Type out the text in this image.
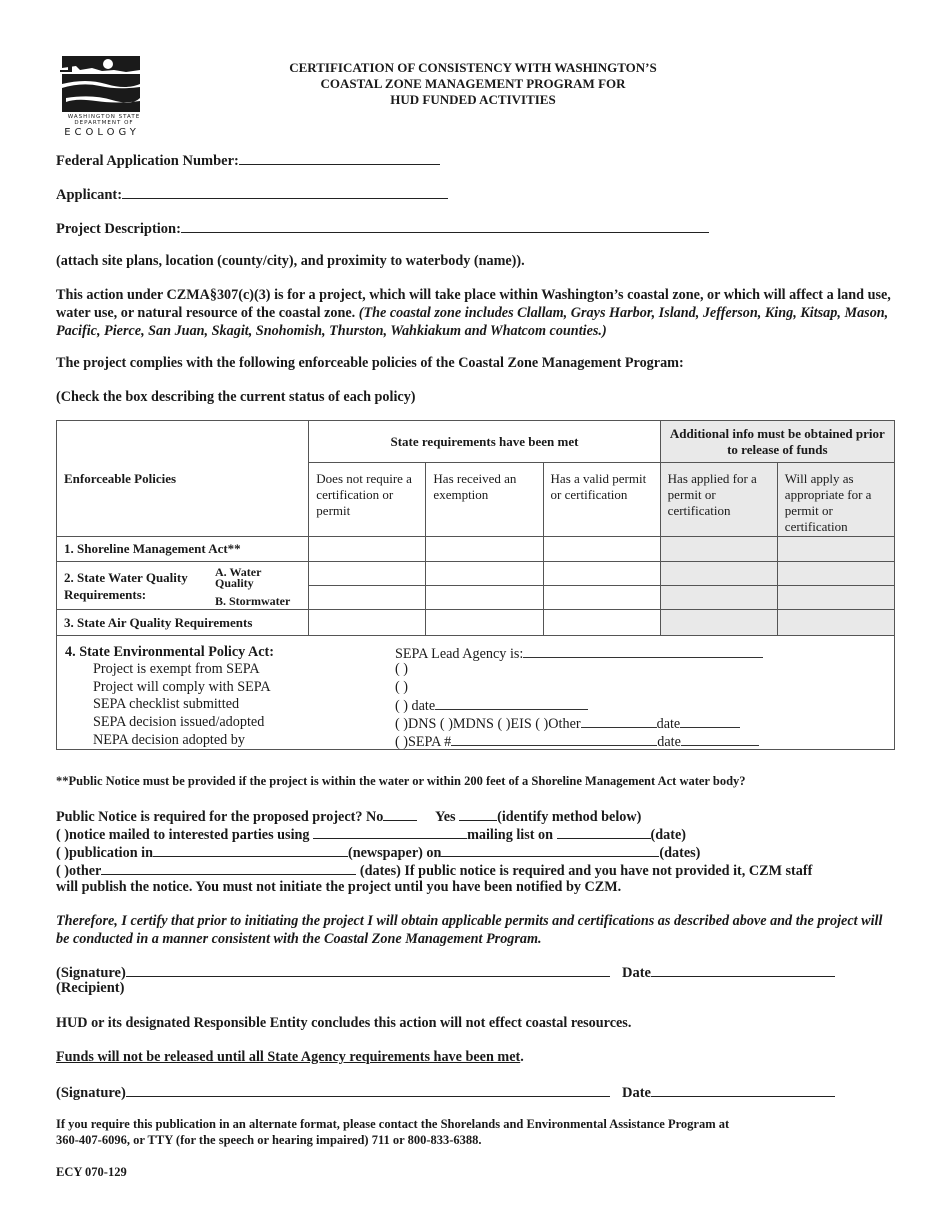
WASHINGTON STATE
DEPARTMENT OF
ECOLOGY
CERTIFICATION OF CONSISTENCY WITH WASHINGTON’S
COASTAL ZONE MANAGEMENT PROGRAM FOR
HUD FUNDED ACTIVITIES
Federal Application Number:
Applicant:
Project Description:
(attach site plans, location (county/city), and proximity to waterbody (name)).
This action under CZMA§307(c)(3) is for a project, which will take place within Washington’s coastal zone, or which will affect a land use, water use, or natural resource of the coastal zone. (The coastal zone includes Clallam, Grays Harbor, Island, Jefferson, King, Kitsap, Mason, Pacific, Pierce, San Juan, Skagit, Snohomish, Thurston, Wahkiakum and Whatcom counties.)
The project complies with the following enforceable policies of the Coastal Zone Management Program:
(Check the box describing the current status of each policy)
Enforceable Policies	State requirements have been met			Additional info must be obtained prior to release of funds	
	Does not require a certification or permit	Has received an exemption	Has a valid permit or certification	Has applied for a permit or certification	Will apply as appropriate for a permit or certification
1. Shoreline Management Act**					

2. State Water Quality Requirements:
A. Water Quality
B. Stormwater					

3. State Air Quality Requirements					
4. State Environmental Policy Act:	SEPA Lead Agency is:
Project is exempt from SEPA	( )
Project will comply with SEPA	( )
SEPA checklist submitted	( ) date
SEPA decision issued/adopted	( )DNS ( )MDNS ( )EIS ( )Other	date
NEPA decision adopted by	( )SEPA #	date
**Public Notice must be provided if the project is within the water or within 200 feet of a Shoreline Management Act water body?
Public Notice is required for the proposed project? No	Yes	(identify method below)
( )notice mailed to interested parties using	mailing list on	(date)
( )publication in	(newspaper) on	(dates)
( )other	(dates) If public notice is required and you have not provided it, CZM staff
will publish the notice. You must not initiate the project until you have been notified by CZM.
Therefore, I certify that prior to initiating the project I will obtain applicable permits and certifications as described above and the project will be conducted in a manner consistent with the Coastal Zone Management Program.
(Signature)	Date
(Recipient)
HUD or its designated Responsible Entity concludes this action will not effect coastal resources.
Funds will not be released until all State Agency requirements have been met.
(Signature)	Date
If you require this publication in an alternate format, please contact the Shorelands and Environmental Assistance Program at
360-407-6096, or TTY (for the speech or hearing impaired) 711 or 800-833-6388.
ECY 070-129
